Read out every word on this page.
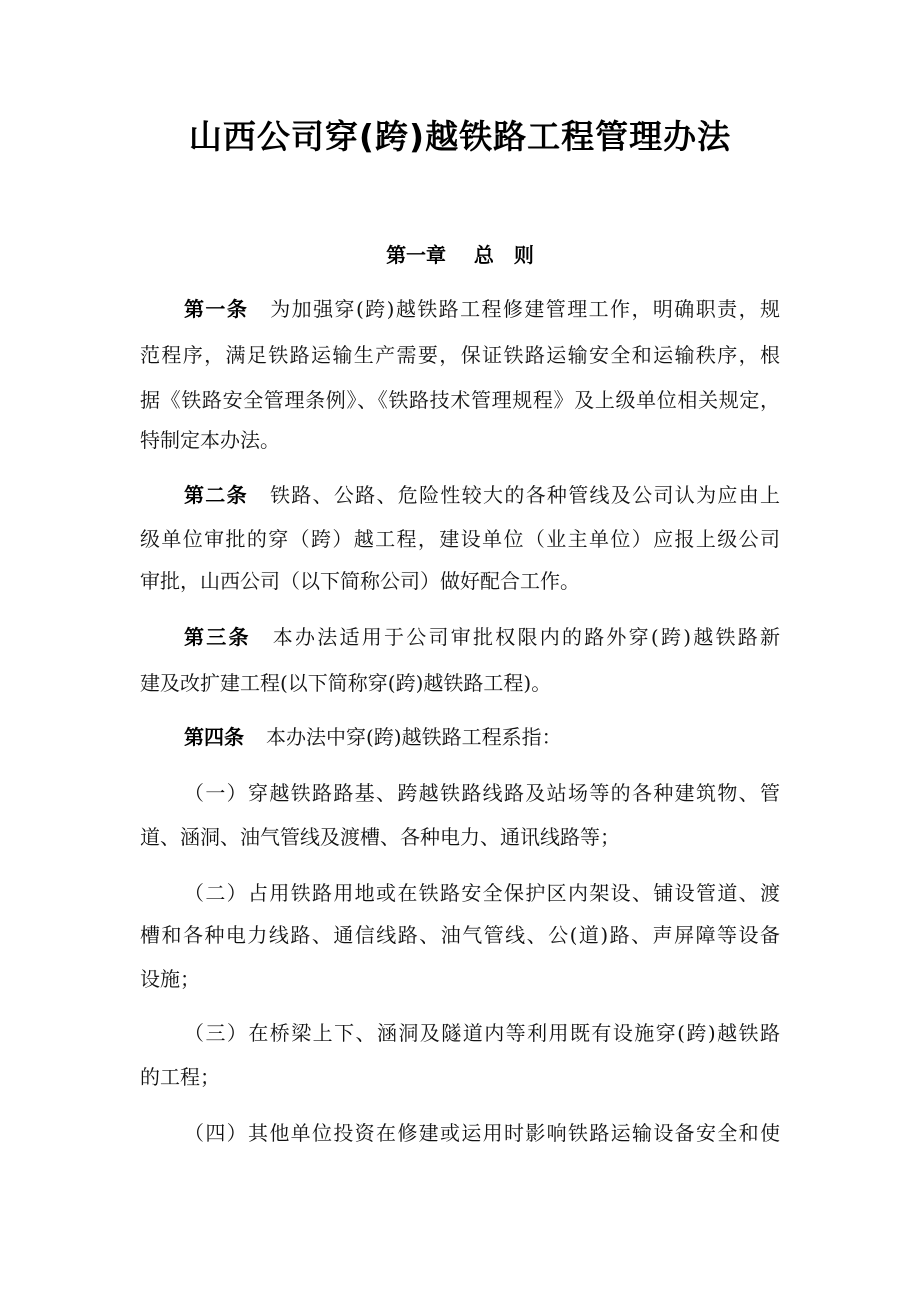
山西公司穿(跨)越铁路工程管理办法
第一章 总　则
第一条 为加强穿(跨)越铁路工程修建管理工作，明确职责，规
范程序，满足铁路运输生产需要，保证铁路运输安全和运输秩序，根
据《铁路安全管理条例》、《铁路技术管理规程》及上级单位相关规定，
特制定本办法。
第二条 铁路、公路、危险性较大的各种管线及公司认为应由上
级单位审批的穿（跨）越工程，建设单位（业主单位）应报上级公司
审批，山西公司（以下简称公司）做好配合工作。
第三条 本办法适用于公司审批权限内的路外穿(跨)越铁路新
建及改扩建工程(以下简称穿(跨)越铁路工程)。
第四条 本办法中穿(跨)越铁路工程系指：
（一）穿越铁路路基、跨越铁路线路及站场等的各种建筑物、管
道、涵洞、油气管线及渡槽、各种电力、通讯线路等；
（二）占用铁路用地或在铁路安全保护区内架设、铺设管道、渡
槽和各种电力线路、通信线路、油气管线、公(道)路、声屏障等设备
设施；
（三）在桥梁上下、涵洞及隧道内等利用既有设施穿(跨)越铁路
的工程；
（四）其他单位投资在修建或运用时影响铁路运输设备安全和使
